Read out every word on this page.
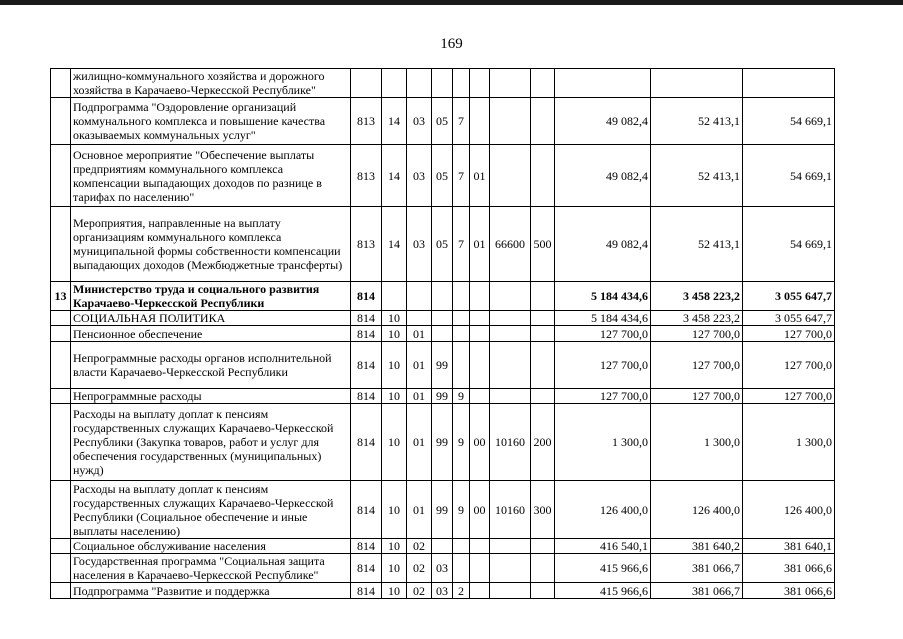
169
	жилищно-коммунального хозяйства и дорожного хозяйства в Карачаево-Черкесской Республике"											
	Подпрограмма "Оздоровление организаций коммунального комплекса и повышение качества оказываемых коммунальных услуг"	813	14	03	05	7				49 082,4	52 413,1	54 669,1
	Основное мероприятие "Обеспечение выплаты предприятиям коммунального комплекса компенсации выпадающих доходов по разнице в тарифах по населению"	813	14	03	05	7	01			49 082,4	52 413,1	54 669,1
	Мероприятия, направленные на выплату организациям коммунального комплекса муниципальной формы собственности компенсации выпадающих доходов (Межбюджетные трансферты)	813	14	03	05	7	01	66600	500	49 082,4	52 413,1	54 669,1
13	Министерство труда и социального развития Карачаево-Черкесской Республики	814								5 184 434,6	3 458 223,2	3 055 647,7
	СОЦИАЛЬНАЯ ПОЛИТИКА	814	10							5 184 434,6	3 458 223,2	3 055 647,7
	Пенсионное обеспечение	814	10	01						127 700,0	127 700,0	127 700,0
	Непрограммные расходы органов исполнительной власти Карачаево-Черкесской Республики	814	10	01	99					127 700,0	127 700,0	127 700,0
	Непрограммные расходы	814	10	01	99	9				127 700,0	127 700,0	127 700,0
	Расходы на выплату доплат к пенсиям государственных служащих Карачаево-Черкесской Республики (Закупка товаров, работ и услуг для обеспечения государственных (муниципальных) нужд)	814	10	01	99	9	00	10160	200	1 300,0	1 300,0	1 300,0
	Расходы на выплату доплат к пенсиям государственных служащих Карачаево-Черкесской Республики (Социальное обеспечение и иные выплаты населению)	814	10	01	99	9	00	10160	300	126 400,0	126 400,0	126 400,0
	Социальное обслуживание населения	814	10	02						416 540,1	381 640,2	381 640,1
	Государственная программа "Социальная защита населения в Карачаево-Черкесской Республике"	814	10	02	03					415 966,6	381 066,7	381 066,6
	Подпрограмма "Развитие и поддержка	814	10	02	03	2				415 966,6	381 066,7	381 066,6
